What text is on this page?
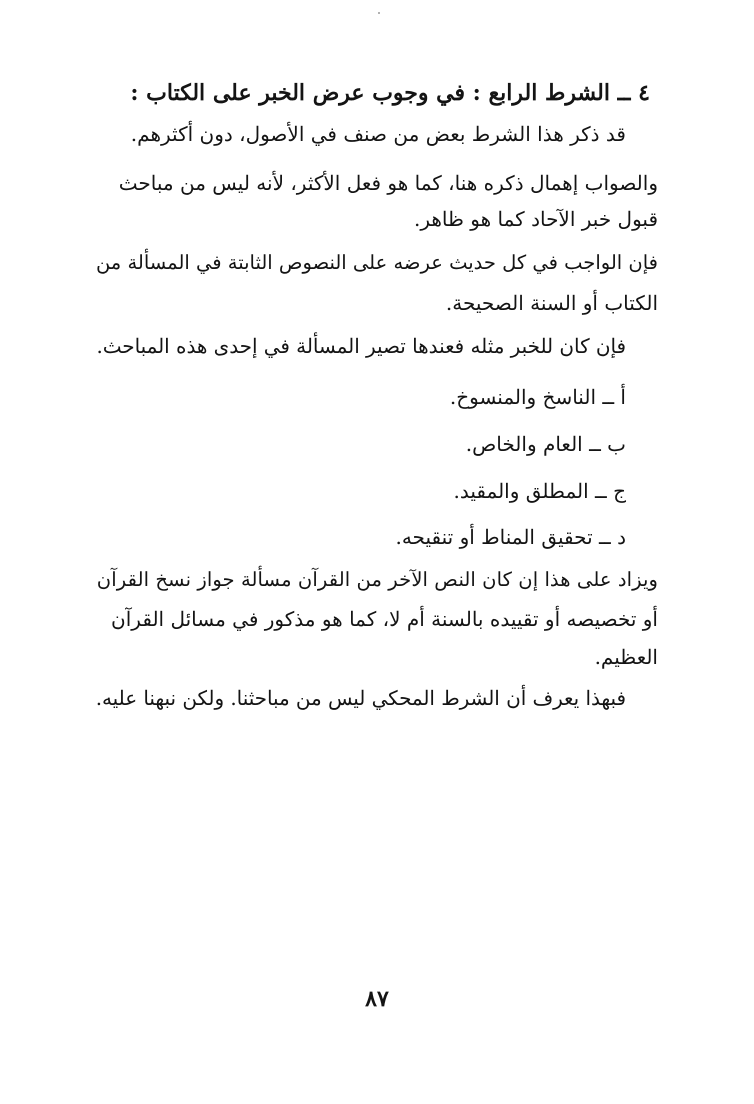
٤ ــ الشرط الرابع : في وجوب عرض الخبر على الكتاب :

قد ذكر هذا الشرط بعض من صنف في الأصول، دون أكثرهم.

والصواب إهمال ذكره هنا، كما هو فعل الأكثر، لأنه ليس من مباحث

قبول خبر الآحاد كما هو ظاهر.

فإن الواجب في كل حديث عرضه على النصوص الثابتة في المسألة من

الكتاب أو السنة الصحيحة.

فإن كان للخبر مثله فعندها تصير المسألة في إحدى هذه المباحث.

أ ــ الناسخ والمنسوخ.

ب ــ العام والخاص.

ج ــ المطلق والمقيد.

د ــ تحقيق المناط أو تنقيحه.

ويزاد على هذا إن كان النص الآخر من القرآن مسألة جواز نسخ القرآن

أو تخصيصه أو تقييده بالسنة أم لا، كما هو مذكور في مسائل القرآن

العظيم.

فبهذا يعرف أن الشرط المحكي ليس من مباحثنا. ولكن نبهنا عليه.

٨٧
